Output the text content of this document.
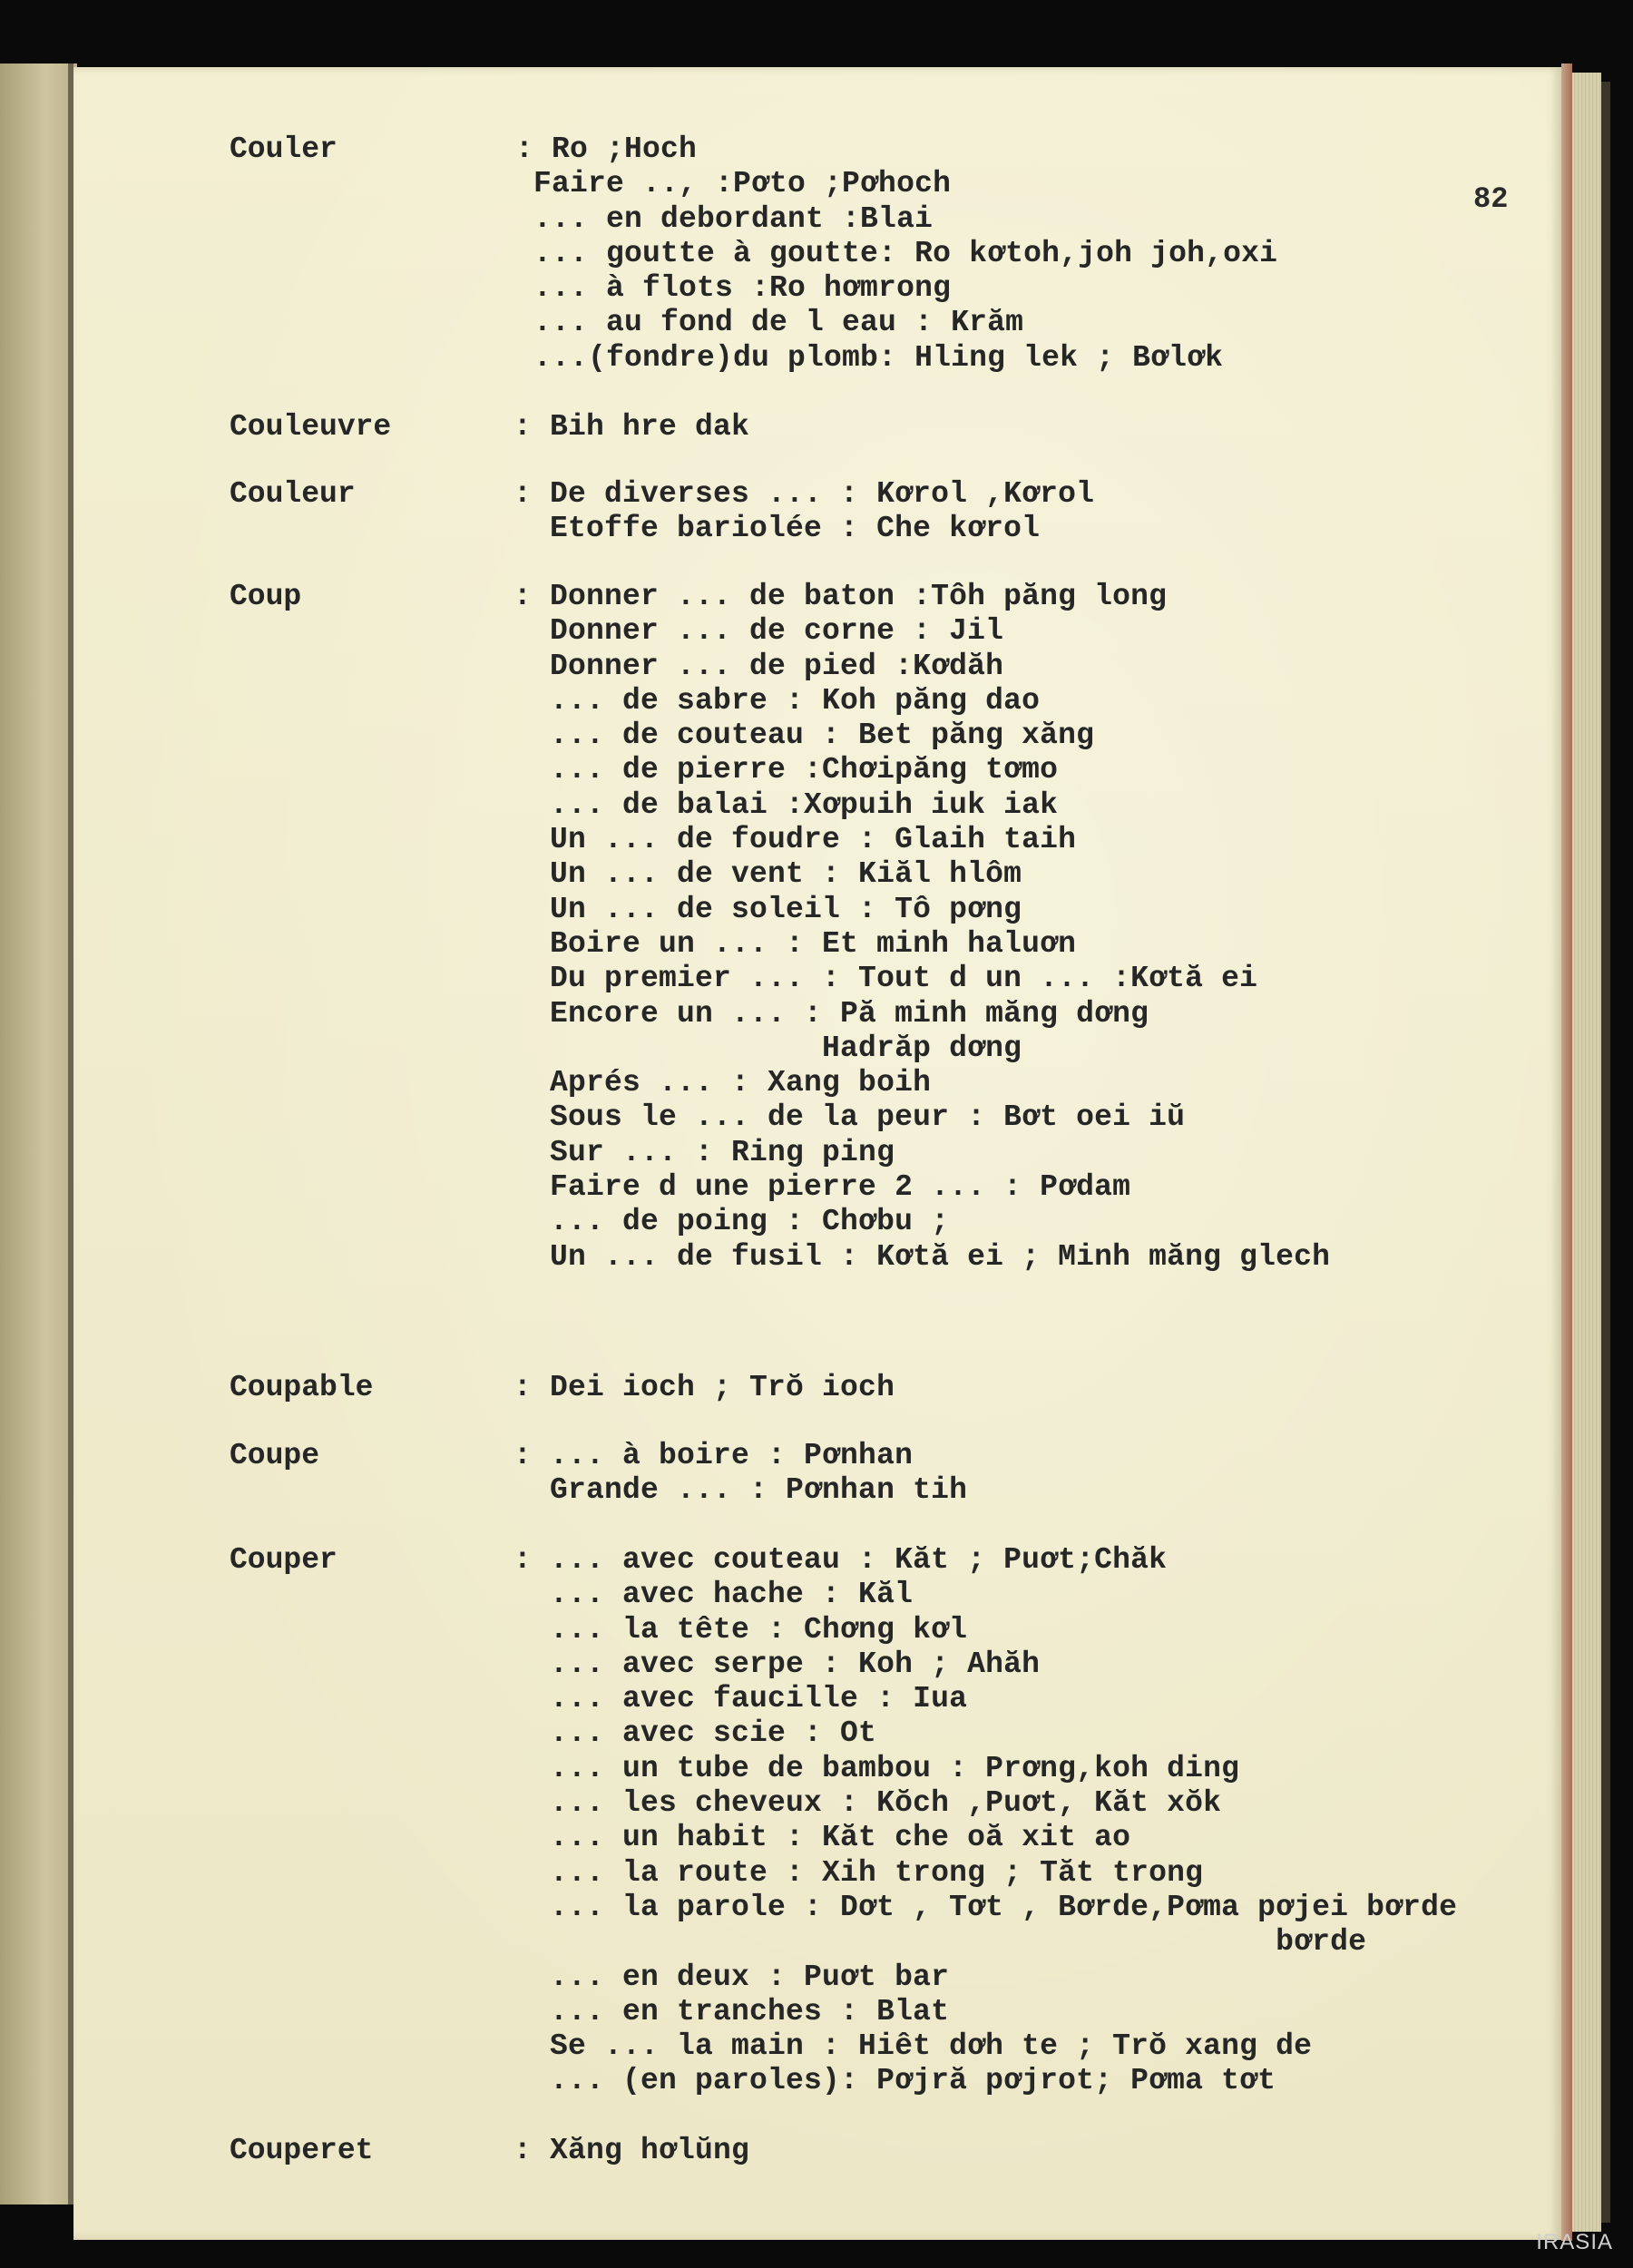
82
Couler	: Ro ;Hoch
Faire .., :Pơto ;Pơhoch
... en debordant :Blai
... goutte à goutte: Ro kơtoh,joh joh,oxi
... à flots :Ro hơmrong
... au fond de l eau : Krăm
...(fondre)du plomb: Hling lek ; Bơlơk
Couleuvre	: Bih hre dak
Couleur	: De diverses ... : Kơrol ,Kơrol
Etoffe bariolée : Che kơrol
Coup	: Donner ... de baton :Tôh păng long
Donner ... de corne : Jil
Donner ... de pied :Kơdăh
... de sabre : Koh păng dao
... de couteau : Bet păng xăng
... de pierre :Chơipăng tơmo
... de balai :Xơpuih iuk iak
Un ... de foudre : Glaih taih
Un ... de vent : Kiăl hlôm
Un ... de soleil : Tô pơng
Boire un ... : Et minh haluơn
Du premier ... : Tout d un ... :Kơtă ei
Encore un ... : Pă minh măng dơng
Hadrăp dơng
Aprés ... : Xang boih
Sous le ... de la peur : Bơt oei iŭ
Sur ... : Ring ping
Faire d une pierre 2 ... : Pơdam
... de poing : Chơbu ;
Un ... de fusil : Kơtă ei ; Minh măng glech
Coupable	: Dei ioch ; Trŏ ioch
Coupe	: ... à boire : Pơnhan
Grande ... : Pơnhan tih
Couper	: ... avec couteau : Kăt ; Puơt;Chăk
... avec hache : Kăl
... la tête : Chơng kơl
... avec serpe : Koh ; Ahăh
... avec faucille : Iua
... avec scie : Ot
... un tube de bambou : Prơng,koh ding
... les cheveux : Kŏch ,Puơt, Kăt xŏk
... un habit : Kăt che oă xit ao
... la route : Xih trong ; Tăt trong
... la parole : Dơt , Tơt , Bơrde,Pơma pơjei bơrde
bơrde
... en deux : Puơt bar
... en tranches : Blat
Se ... la main : Hiêt dơh te ; Trŏ xang de
... (en paroles): Pơjră pơjrot; Pơma tơt
Couperet	: Xăng hơlŭng
IRASIA
